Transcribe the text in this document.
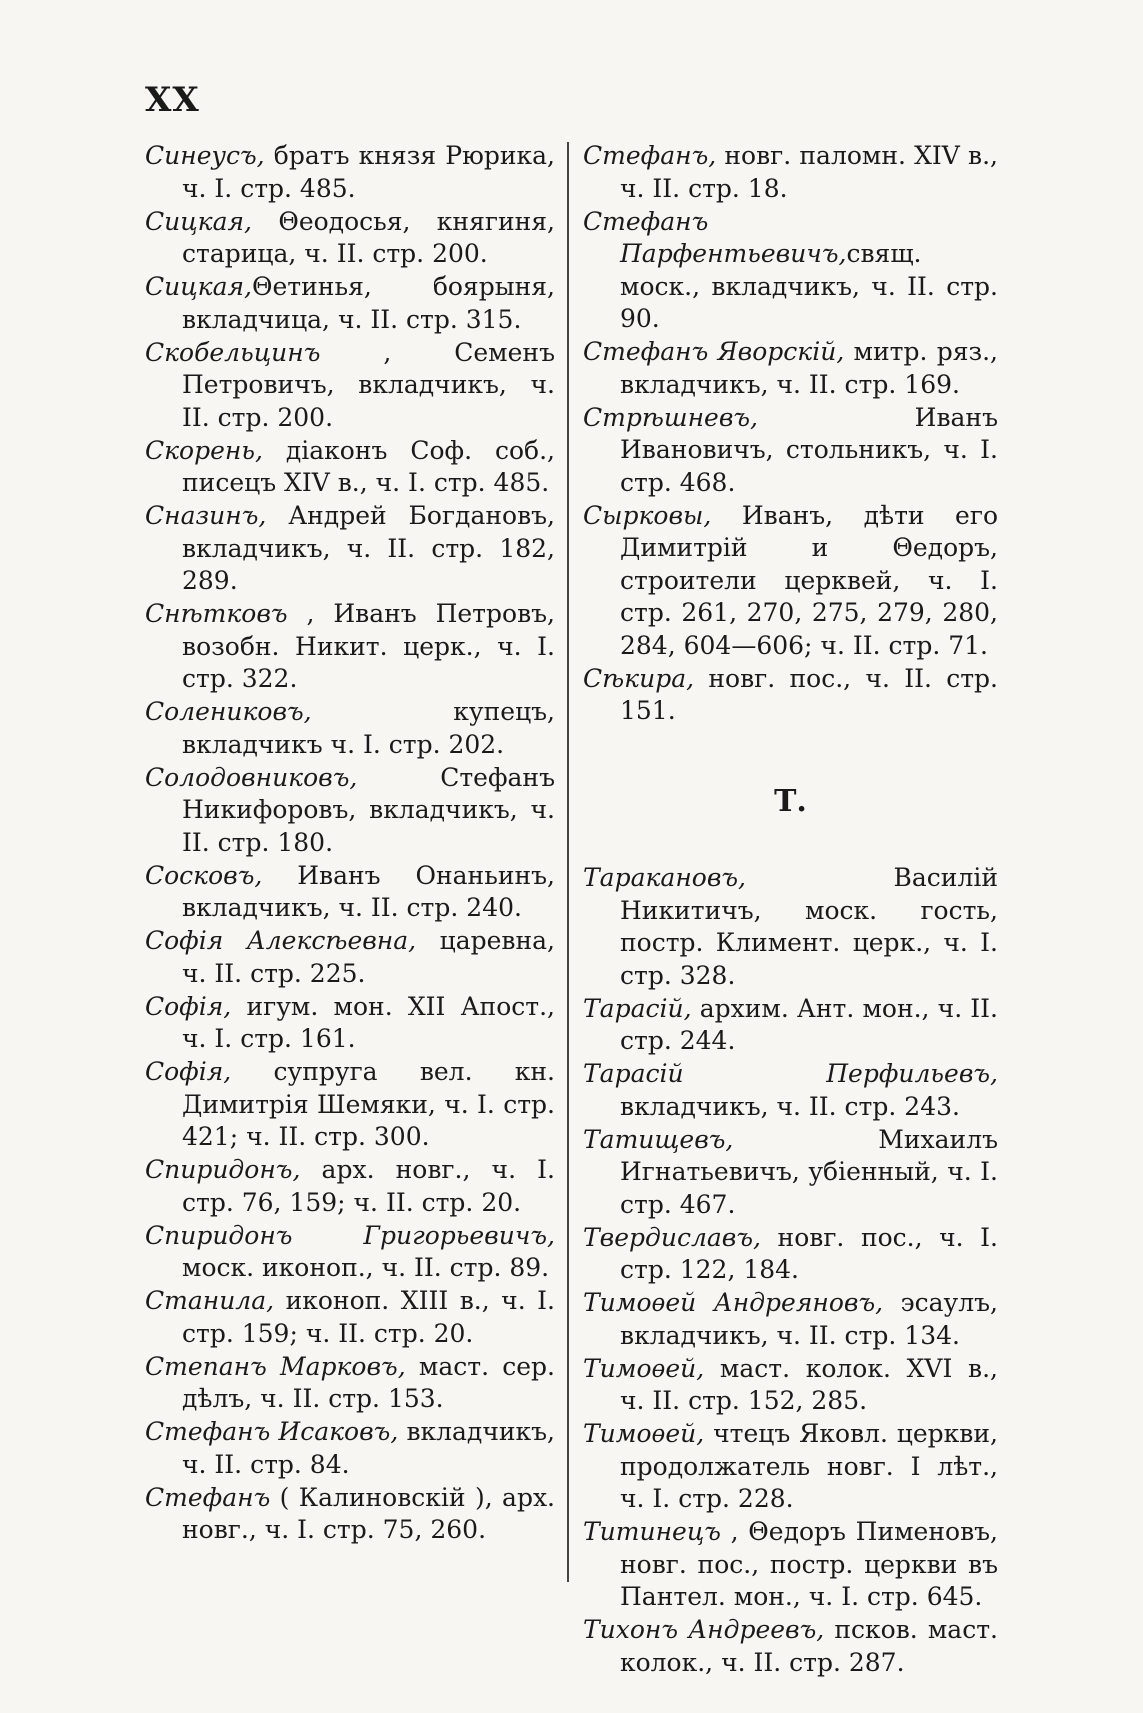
XX

Синеусъ, братъ князя Рюрика, ч. I. стр. 485.

Сицкая, Θеодосья, княгиня, старица, ч. II. стр. 200.

Сицкая,Θетинья, боярыня, вкладчица, ч. II. стр. 315.

Скобельцинъ , Семенъ Петровичъ, вкладчикъ, ч. II. стр. 200.

Скорень, діаконъ Соф. соб., писецъ XIV в., ч. I. стр. 485.

Сназинъ, Андрей Богдановъ, вкладчикъ, ч. II. стр. 182, 289.

Снѣтковъ , Иванъ Петровъ, возобн. Никит. церк., ч. I. стр. 322.

Солениковъ, купецъ, вкладчикъ ч. I. стр. 202.

Солодовниковъ, Стефанъ Никифоровъ, вкладчикъ, ч. II. стр. 180.

Сосковъ, Иванъ Онаньинъ, вкладчикъ, ч. II. стр. 240.

Софія Алексѣевна, царевна, ч. II. стр. 225.

Софія, игум. мон. XII Апост., ч. I. стр. 161.

Софія, супруга вел. кн. Димитрія Шемяки, ч. I. стр. 421; ч. II. стр. 300.

Спиридонъ, арх. новг., ч. I. стр. 76, 159; ч. II. стр. 20.

Спиридонъ Григорьевичъ, моск. иконоп., ч. II. стр. 89.

Станила, иконоп. XIII в., ч. I. стр. 159; ч. II. стр. 20.

Степанъ Марковъ, маст. сер. дѣлъ, ч. II. стр. 153.

Стефанъ Исаковъ, вкладчикъ, ч. II. стр. 84.

Стефанъ ( Калиновскій ), арх. новг., ч. I. стр. 75, 260.

Стефанъ, новг. паломн. XIV в., ч. II. стр. 18.

Стефанъ Парфентьевичъ,свящ. моск., вкладчикъ, ч. II. стр. 90.

Стефанъ Яворскій, митр. ряз., вкладчикъ, ч. II. стр. 169.

Стрѣшневъ, Иванъ Ивановичъ, стольникъ, ч. I. стр. 468.

Сырковы, Иванъ, дѣти его Димитрій и Θедоръ, строители церквей, ч. I. стр. 261, 270, 275, 279, 280, 284, 604—606; ч. II. стр. 71.

Сѣкира, новг. пос., ч. II. стр. 151.

Т.

Таракановъ, Василій Никитичъ, моск. гость, постр. Климент. церк., ч. I. стр. 328.

Тарасій, архим. Ант. мон., ч. II. стр. 244.

Тарасій Перфильевъ, вкладчикъ, ч. II. стр. 243.

Татищевъ, Михаилъ Игнатьевичъ, убіенный, ч. I. стр. 467.

Твердиславъ, новг. пос., ч. I. стр. 122, 184.

Тимоѳей Андреяновъ, эсаулъ, вкладчикъ, ч. II. стр. 134.

Тимоѳей, маст. колок. XVI в., ч. II. стр. 152, 285.

Тимоѳей, чтецъ Яковл. церкви, продолжатель новг. I лѣт., ч. I. стр. 228.

Титинецъ , Θедоръ Пименовъ, новг. пос., постр. церкви въ Пантел. мон., ч. I. стр. 645.

Тихонъ Андреевъ, псков. маст. колок., ч. II. стр. 287.
